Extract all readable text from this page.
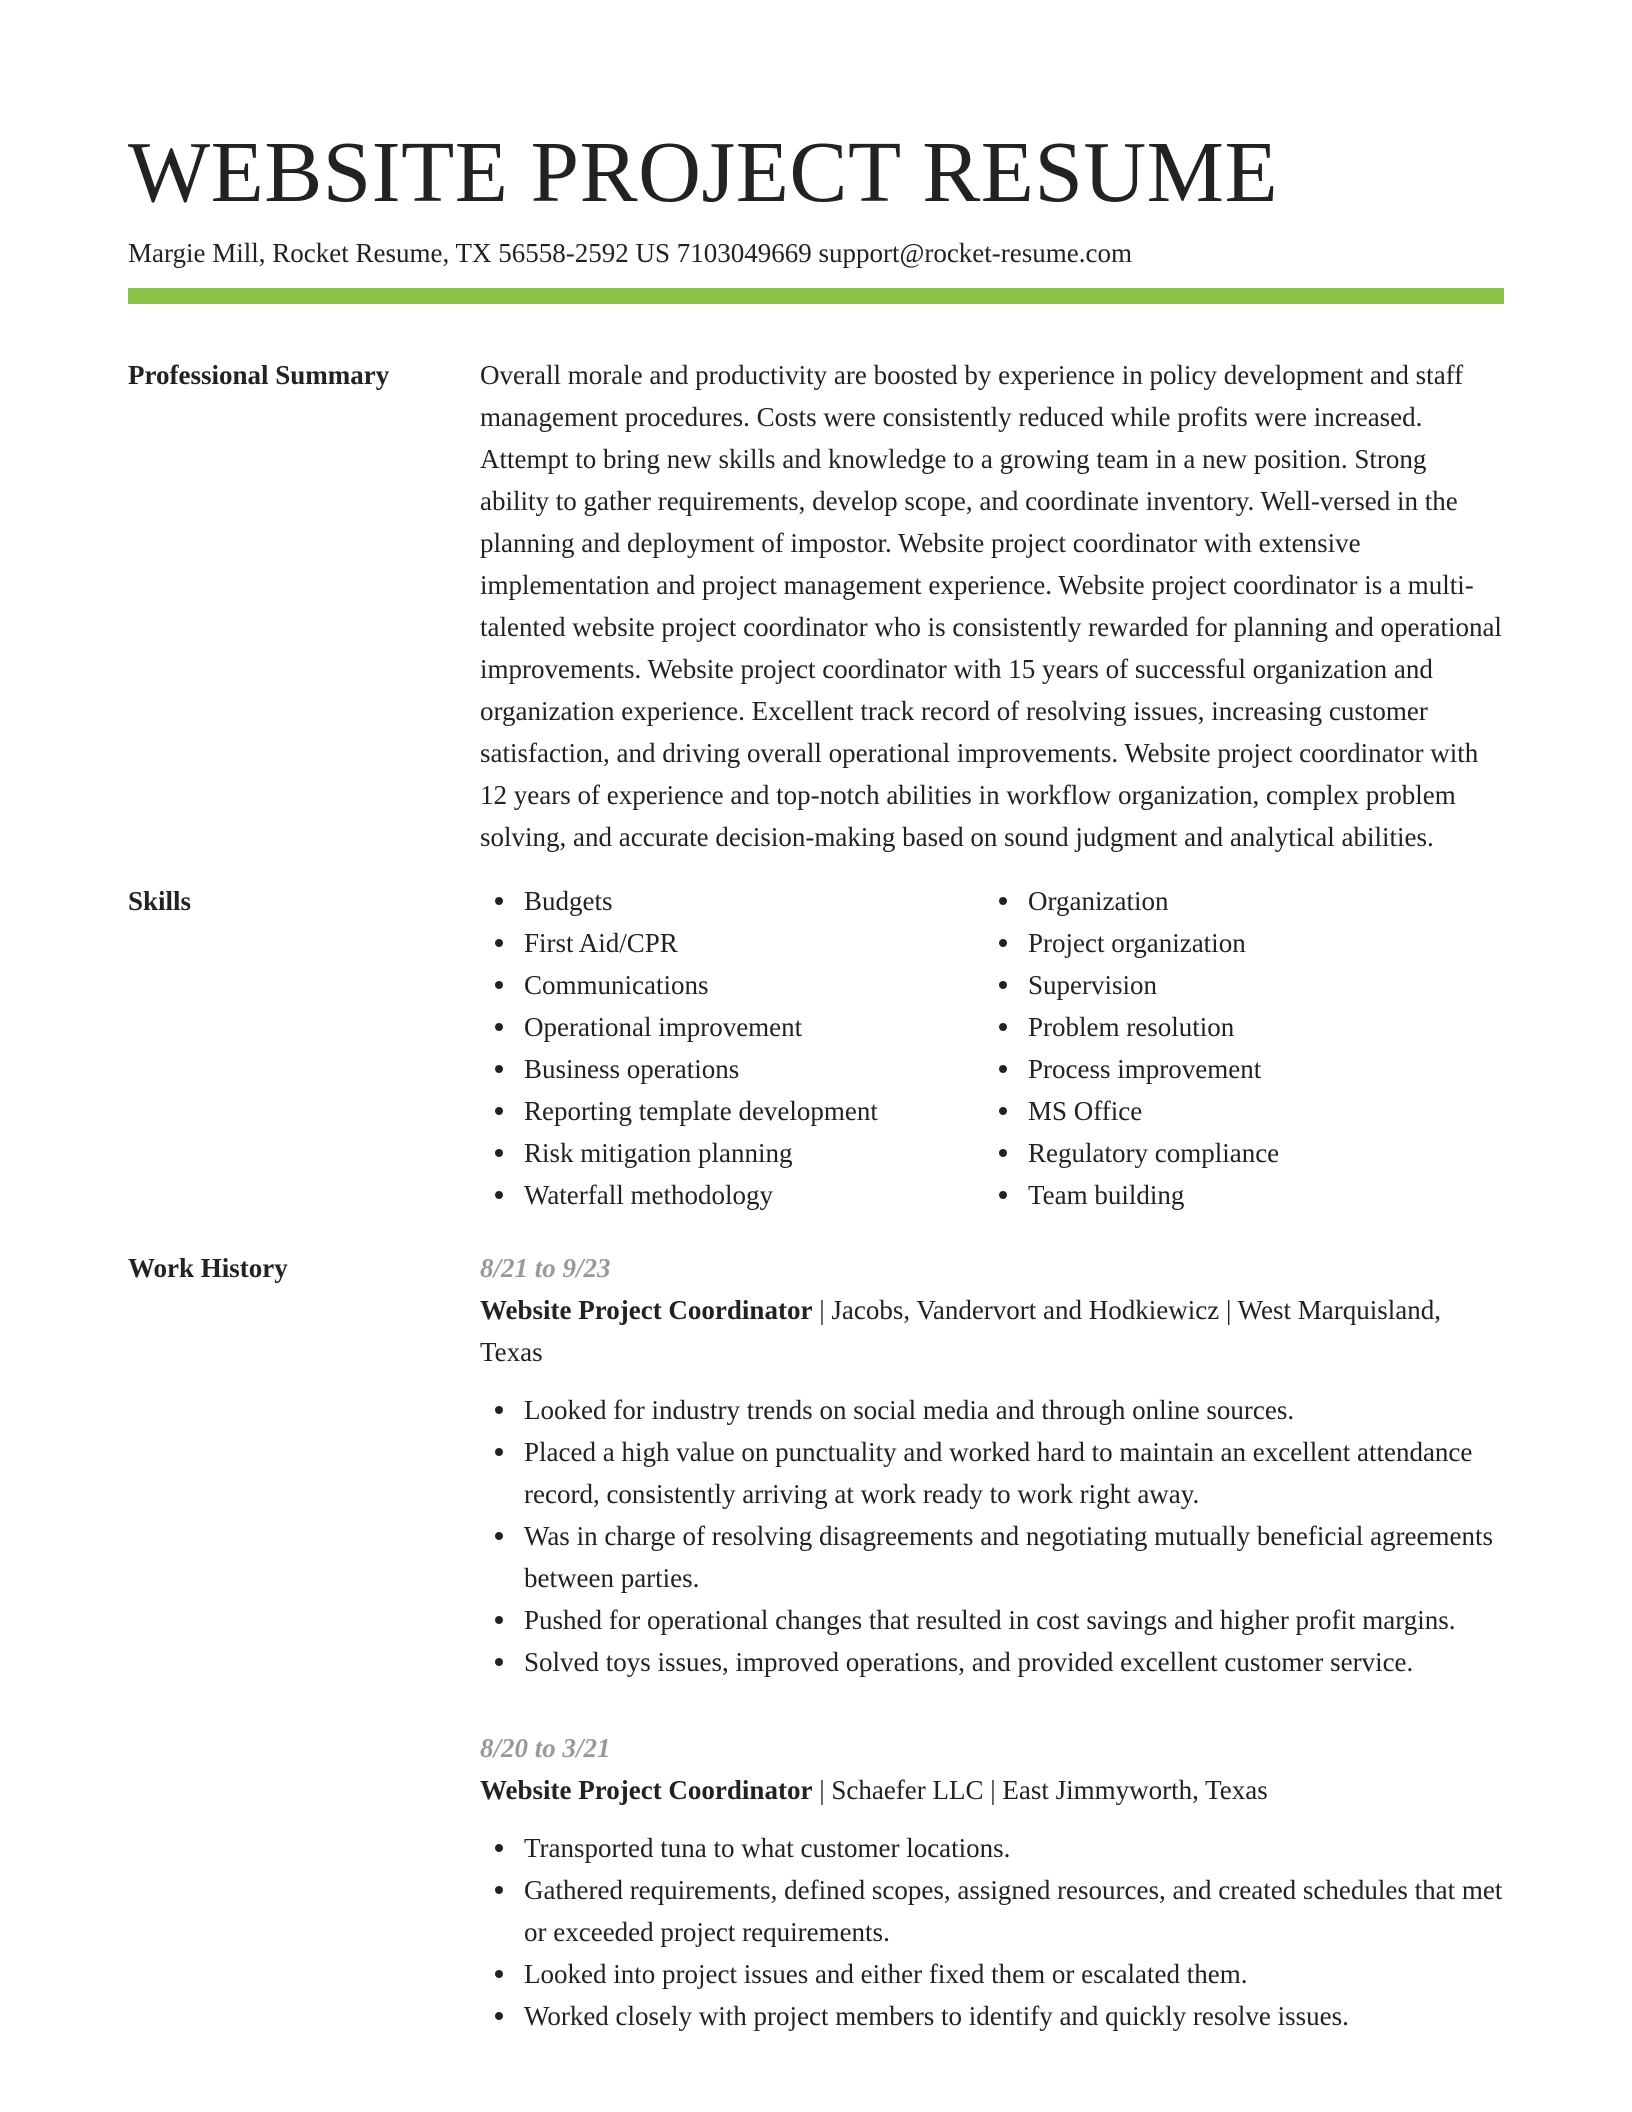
WEBSITE PROJECT RESUME
Margie Mill, Rocket Resume, TX 56558-2592 US 7103049669 support@rocket-resume.com
Professional Summary	Overall morale and productivity are boosted by experience in policy development and staff management procedures. Costs were consistently reduced while profits were increased. Attempt to bring new skills and knowledge to a growing team in a new position. Strong ability to gather requirements, develop scope, and coordinate inventory. Well-versed in the planning and deployment of impostor. Website project coordinator with extensive implementation and project management experience. Website project coordinator is a multi-talented website project coordinator who is consistently rewarded for planning and operational improvements. Website project coordinator with 15 years of successful organization and organization experience. Excellent track record of resolving issues, increasing customer satisfaction, and driving overall operational improvements. Website project coordinator with 12 years of experience and top-notch abilities in workflow organization, complex problem solving, and accurate decision-making based on sound judgment and analytical abilities.

Skills	Budgets
First Aid/CPR
Communications
Operational improvement
Business operations
Reporting template development
Risk mitigation planning
Waterfall methodology
Organization
Project organization
Supervision
Problem resolution
Process improvement
MS Office
Regulatory compliance
Team building
Work History	8/21 to 9/23

Website Project Coordinator | Jacobs, Vandervort and Hodkiewicz | West Marquisland, Texas

Looked for industry trends on social media and through online sources.
Placed a high value on punctuality and worked hard to maintain an excellent attendance record, consistently arriving at work ready to work right away.
Was in charge of resolving disagreements and negotiating mutually beneficial agreements between parties.
Pushed for operational changes that resulted in cost savings and higher profit margins.
Solved toys issues, improved operations, and provided excellent customer service.
8/20 to 3/21

Website Project Coordinator | Schaefer LLC | East Jimmyworth, Texas

Transported tuna to what customer locations.
Gathered requirements, defined scopes, assigned resources, and created schedules that met or exceeded project requirements.
Looked into project issues and either fixed them or escalated them.
Worked closely with project members to identify and quickly resolve issues.
